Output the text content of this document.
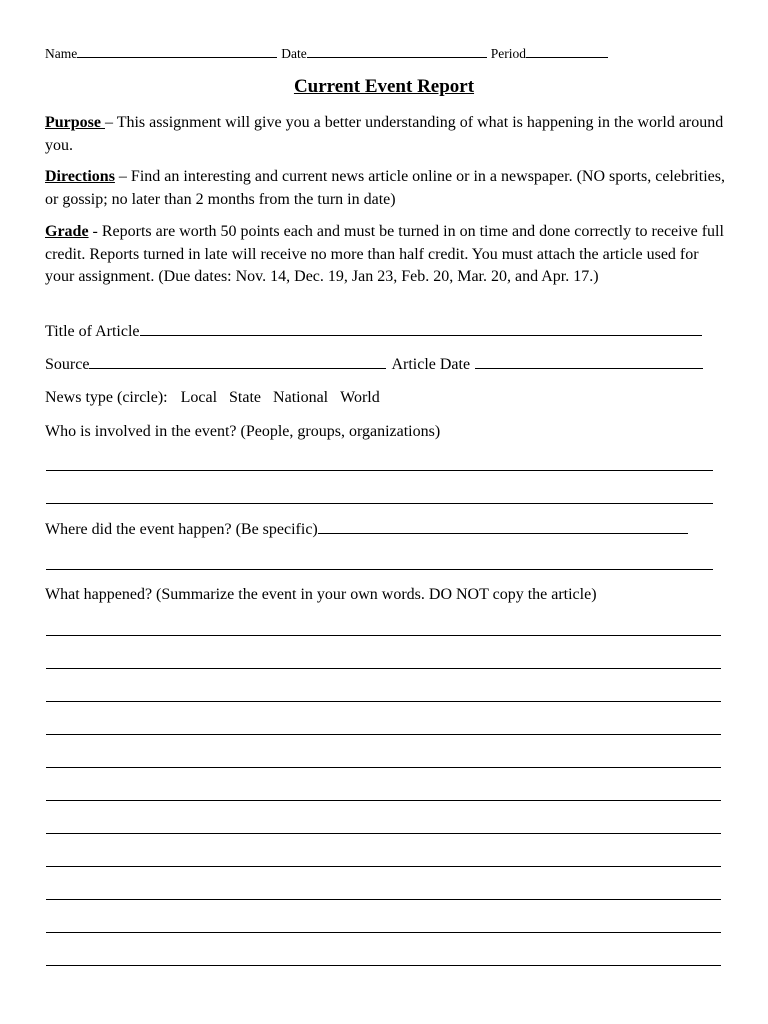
Name	Date	Period
Current Event Report
Purpose – This assignment will give you a better understanding of what is happening in the world around you.
Directions – Find an interesting and current news article online or in a newspaper. (NO sports, celebrities, or gossip; no later than 2 months from the turn in date)
Grade - Reports are worth 50 points each and must be turned in on time and done correctly to receive full credit. Reports turned in late will receive no more than half credit. You must attach the article used for your assignment. (Due dates: Nov. 14, Dec. 19, Jan 23, Feb. 20, Mar. 20, and Apr. 17.)
Title of Article
Source	Article Date
News type (circle): Local State National World
Who is involved in the event? (People, groups, organizations)
Where did the event happen? (Be specific)
What happened? (Summarize the event in your own words. DO NOT copy the article)
